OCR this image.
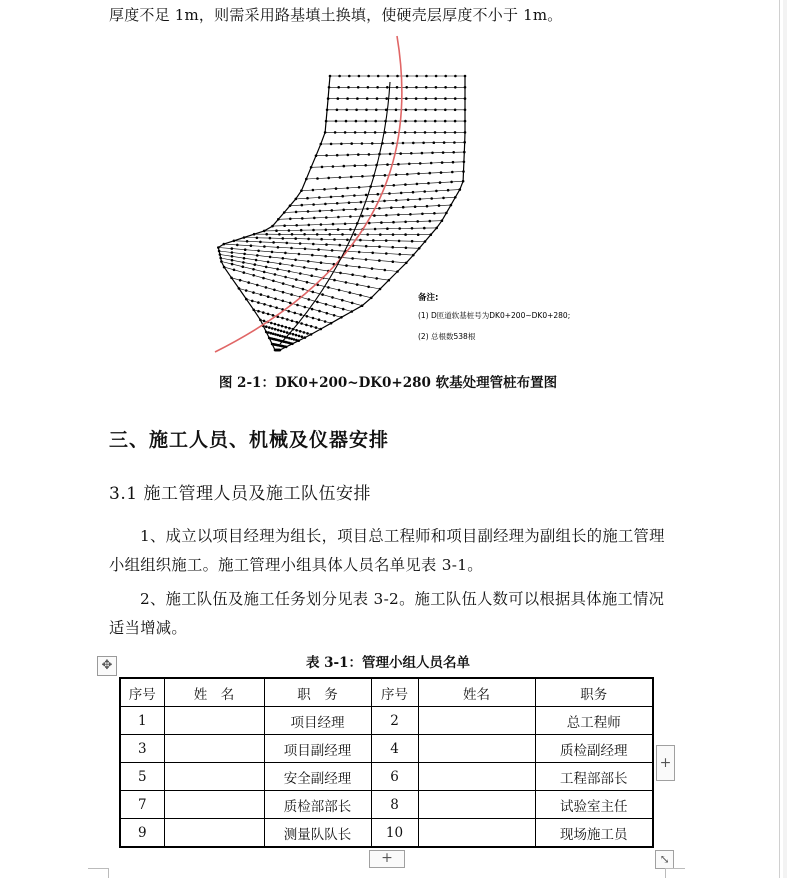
厚度不足 1m，则需采用路基填土换填，使硬壳层厚度不小于 1m。
备注:
(1) D匝道软基桩号为DK0+200~DK0+280;
(2) 总根数538根
图 2-1：DK0+200~DK0+280 软基处理管桩布置图
三、施工人员、机械及仪器安排
3.1 施工管理人员及施工队伍安排
1、成立以项目经理为组长，项目总工程师和项目副经理为副组长的施工管理小组组织施工。施工管理小组具体人员名单见表 3-1。
2、施工队伍及施工任务划分见表 3-2。施工队伍人数可以根据具体施工情况适当增减。
表 3-1：管理小组人员名单
✥
序号	姓　名	职　务	序号	姓名	职务
1		项目经理	2		总工程师
3		项目副经理	4		质检副经理
5		安全副经理	6		工程部部长
7		质检部部长	8		试验室主任
9		测量队队长	10		现场施工员
+
+	⤡
